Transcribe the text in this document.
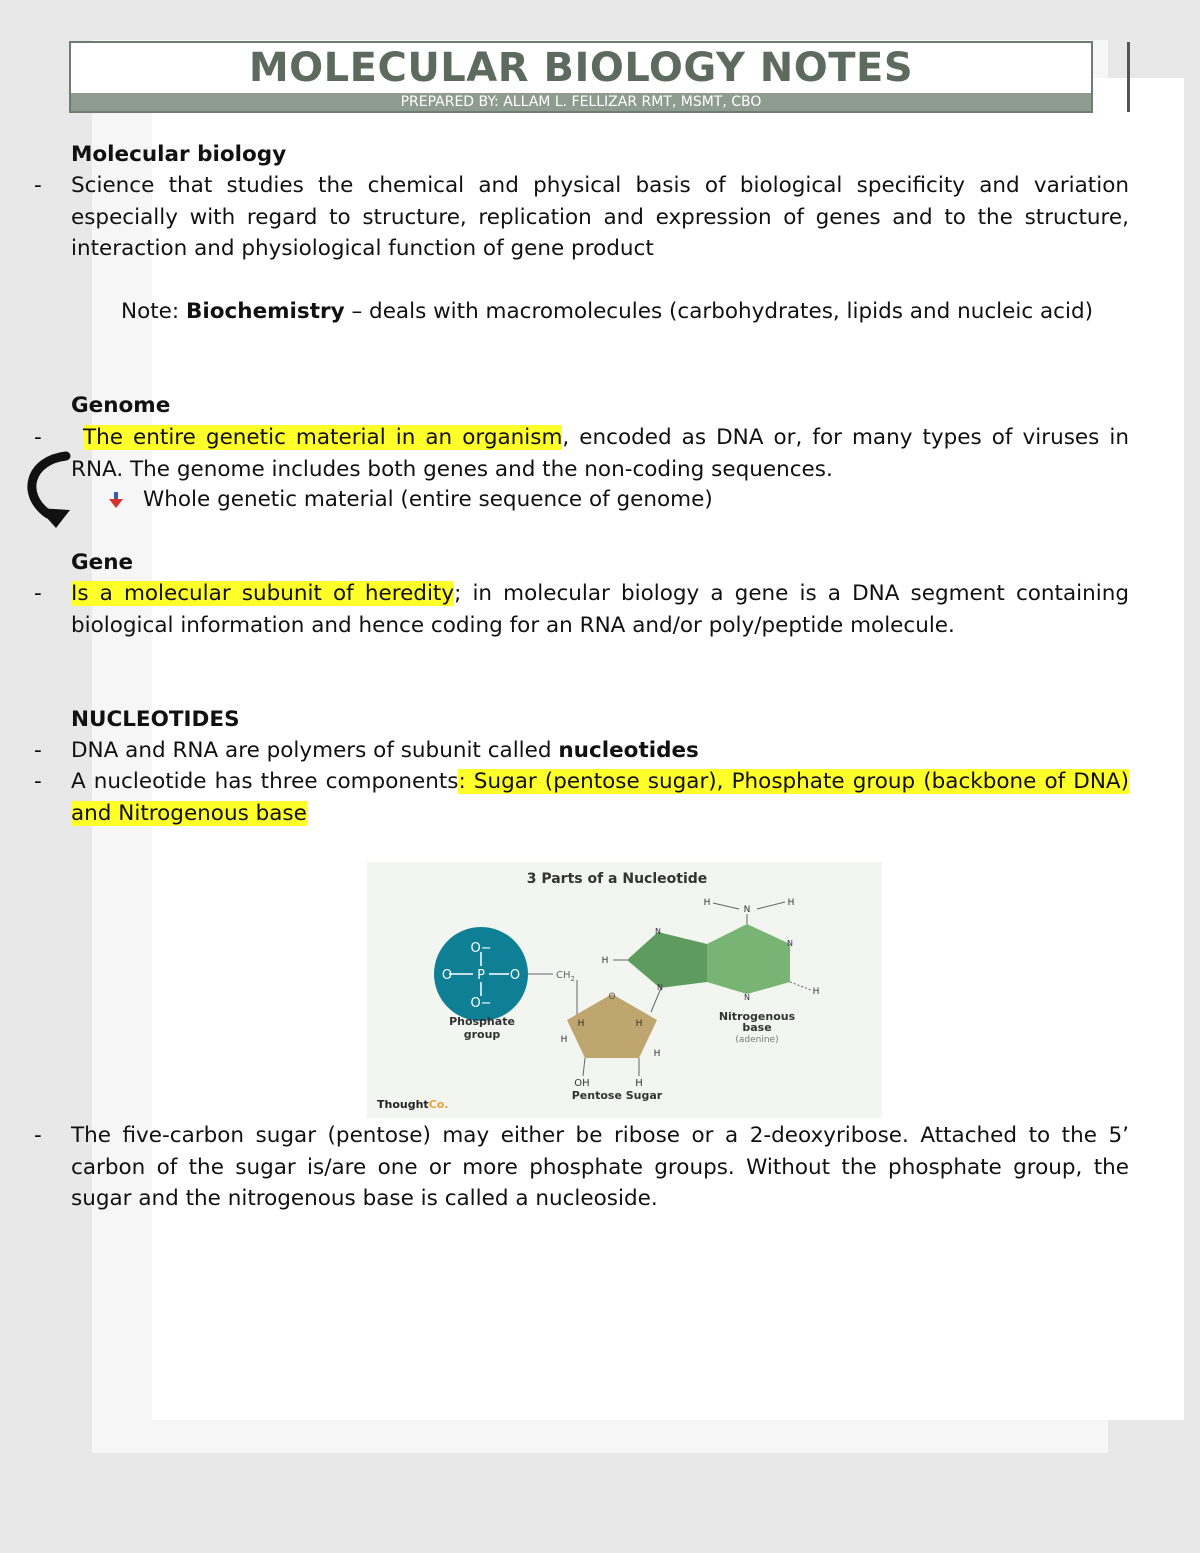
MOLECULAR BIOLOGY NOTES
PREPARED BY: ALLAM L. FELLIZAR RMT, MSMT, CBO
Molecular biology
- Science that studies the chemical and physical basis of biological specificity and variation especially with regard to structure, replication and expression of genes and to the structure, interaction and physiological function of gene product
Note: Biochemistry – deals with macromolecules (carbohydrates, lipids and nucleic acid)
Genome
-	The entire genetic material in an organism, encoded as DNA or, for many types of viruses in RNA. The genome includes both genes and the non-coding sequences.
Whole genetic material (entire sequence of genome)
Gene
- Is a molecular subunit of heredity; in molecular biology a gene is a DNA segment containing biological information and hence coding for an RNA and/or poly/peptide molecule.
NUCLEOTIDES
- DNA and RNA are polymers of subunit called nucleotides
- A nucleotide has three components: Sugar (pentose sugar), Phosphate group (backbone of DNA) and Nitrogenous base
3 Parts of a Nucleotide
O−
P
O	O
O−
Phosphate
group
$CH_2$
O
H	H
H
H
OH	H
Pentose Sugar
N
N
N
N
H
H
N
H	H
Nitrogenous
base
(adenine)
ThoughtCo.
- The five-carbon sugar (pentose) may either be ribose or a 2-deoxyribose. Attached to the 5’ carbon of the sugar is/are one or more phosphate groups. Without the phosphate group, the sugar and the nitrogenous base is called a nucleoside.
